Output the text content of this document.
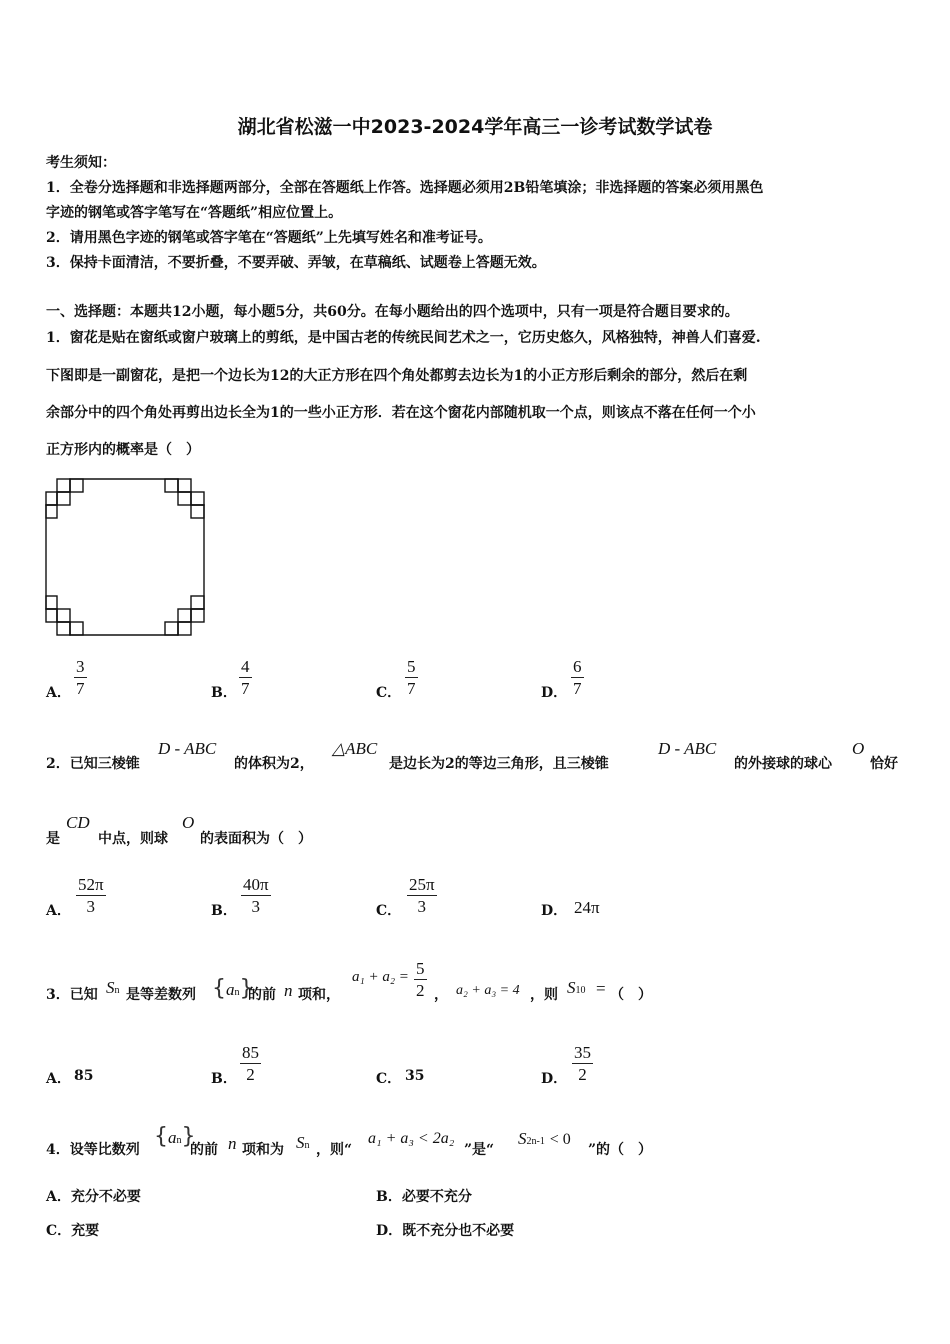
湖北省松滋一中2023-2024学年高三一诊考试数学试卷
考生须知：
1．全卷分选择题和非选择题两部分，全部在答题纸上作答。选择题必须用2B铅笔填涂；非选择题的答案必须用黑色
字迹的钢笔或答字笔写在“答题纸”相应位置上。
2．请用黑色字迹的钢笔或答字笔在“答题纸”上先填写姓名和准考证号。
3．保持卡面清洁，不要折叠，不要弄破、弄皱，在草稿纸、试题卷上答题无效。
一、选择题：本题共12小题，每小题5分，共60分。在每小题给出的四个选项中，只有一项是符合题目要求的。
1．窗花是贴在窗纸或窗户玻璃上的剪纸，是中国古老的传统民间艺术之一，它历史悠久，风格独特，神兽人们喜爱.
下图即是一副窗花，是把一个边长为12的大正方形在四个角处都剪去边长为1的小正方形后剩余的部分，然后在剩
余部分中的四个角处再剪出边长全为1的一些小正方形．若在这个窗花内部随机取一个点，则该点不落在任何一个小
正方形内的概率是（　）
A．
3
7	B．
4
7	C．
5
7	D．
6
7
2．已知三棱锥
D - ABC
的体积为2，
△ABC
是边长为2的等边三角形，且三棱锥
D - ABC
的外接球的球心
O
恰好
是
CD
中点，则球
O
的表面积为（　）
A．
52π
3	B．
40π
3	C．
25π
3	D． 24π
3．已知 Sn 是等差数列 {an}
的前 n 项和，
a₁ + a₂ = 5
2 ， a₂ + a₃ = 4 ，则 S10 = （　）
A． 85	B．
85
2	C． 35	D．
35
2
4．设等比数列
{an}
的前 n 项和为 Sn ，则“
a₁ + a₃ < 2a₂
”是“
S2n-1 < 0
”的（　）
A．充分不必要	B．必要不充分
C．充要	D．既不充分也不必要
